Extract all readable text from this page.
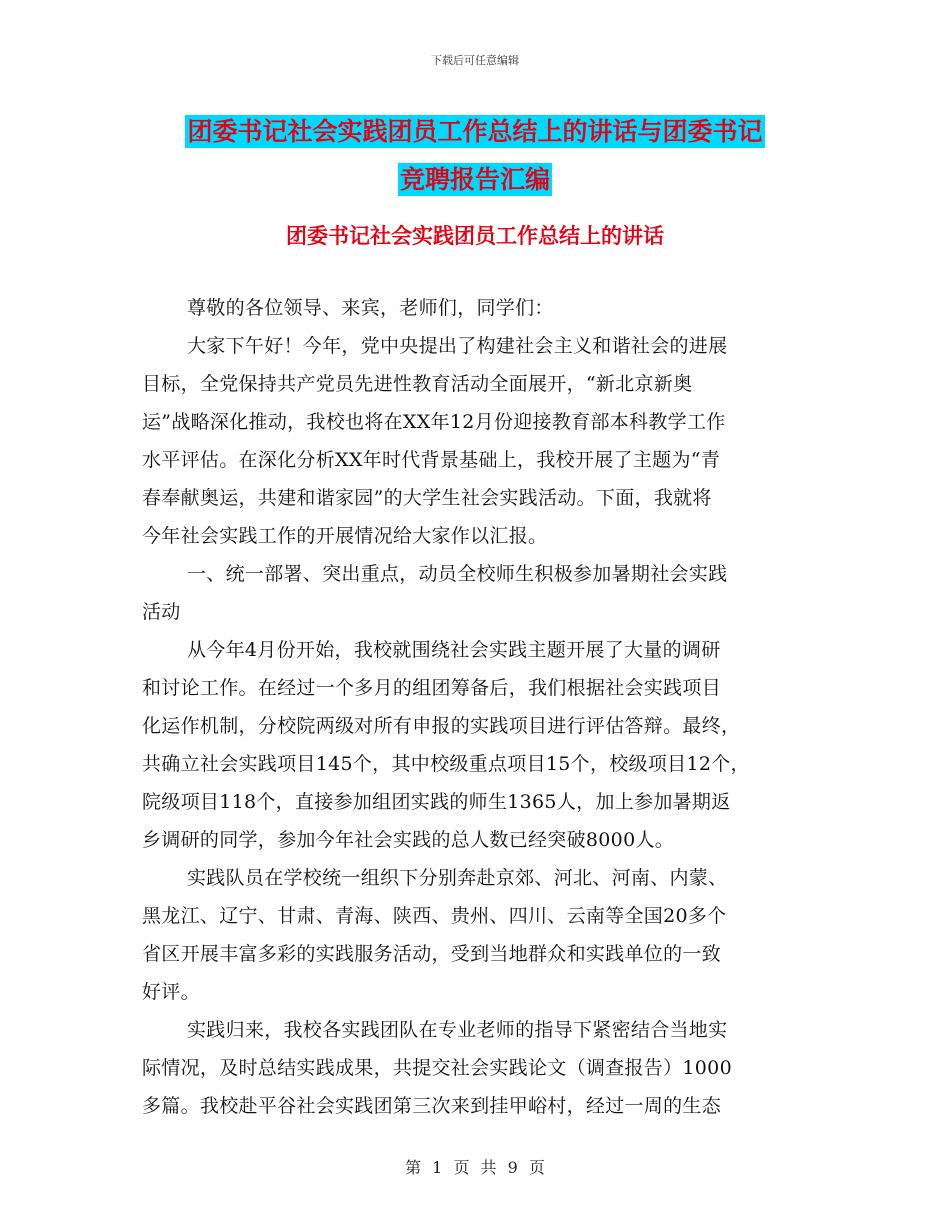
下载后可任意编辑
团委书记社会实践团员工作总结上的讲话与团委书记
竞聘报告汇编
团委书记社会实践团员工作总结上的讲话
尊敬的各位领导、来宾，老师们，同学们：
大家下午好！今年，党中央提出了构建社会主义和谐社会的进展
目标，全党保持共产党员先进性教育活动全面展开，“新北京新奥
运”战略深化推动，我校也将在XX年12月份迎接教育部本科教学工作
水平评估。在深化分析XX年时代背景基础上，我校开展了主题为“青
春奉献奥运，共建和谐家园”的大学生社会实践活动。下面，我就将
今年社会实践工作的开展情况给大家作以汇报。
一、统一部署、突出重点，动员全校师生积极参加暑期社会实践
活动
从今年4月份开始，我校就围绕社会实践主题开展了大量的调研
和讨论工作。在经过一个多月的组团筹备后，我们根据社会实践项目
化运作机制，分校院两级对所有申报的实践项目进行评估答辩。最终，
共确立社会实践项目145个，其中校级重点项目15个，校级项目12个，
院级项目118个，直接参加组团实践的师生1365人，加上参加暑期返
乡调研的同学，参加今年社会实践的总人数已经突破8000人。
实践队员在学校统一组织下分别奔赴京郊、河北、河南、内蒙、
黑龙江、辽宁、甘肃、青海、陕西、贵州、四川、云南等全国20多个
省区开展丰富多彩的实践服务活动，受到当地群众和实践单位的一致
好评。
实践归来，我校各实践团队在专业老师的指导下紧密结合当地实
际情况，及时总结实践成果，共提交社会实践论文（调查报告）1000
多篇。我校赴平谷社会实践团第三次来到挂甲峪村，经过一周的生态
第 1 页 共 9 页
